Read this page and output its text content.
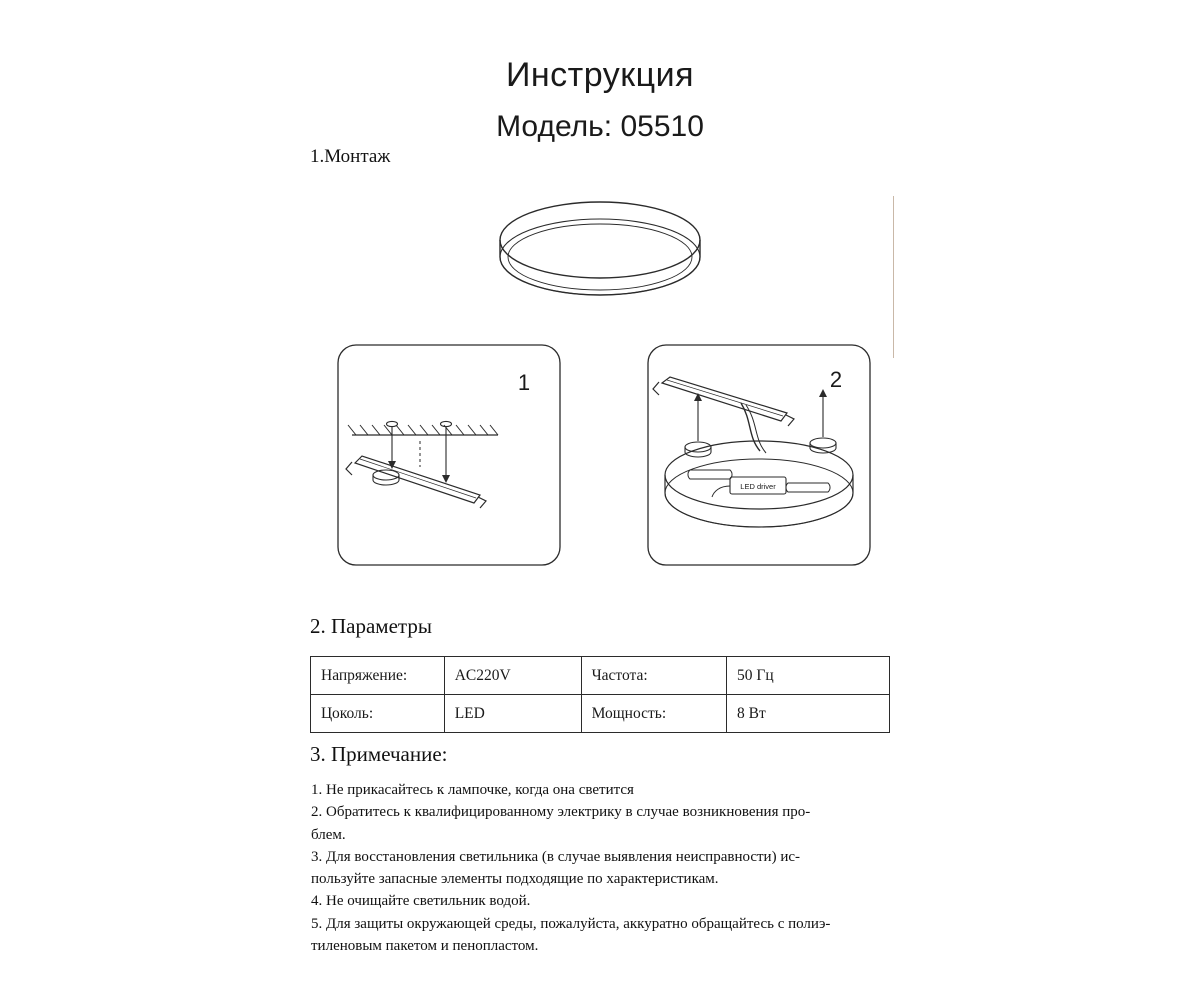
Инструкция
Модель: 05510
1.Монтаж
1
LED driver
2
2. Параметры
Напряжение:	AC220V	Частота:	50 Гц
Цоколь:	LED	Мощность:	8 Вт
3. Примечание:

1. Не прикасайтесь к лампочке, когда она светится

2. Обратитесь к квалифицированному электрику в случае возникновения про-

блем.

3. Для восстановления светильника (в случае выявления неисправности) ис-

пользуйте запасные элементы подходящие по характеристикам.

4. Не очищайте светильник водой.

5. Для защиты окружающей среды, пожалуйста, аккуратно обращайтесь с полиэ-

тиленовым пакетом и пенопластом.
